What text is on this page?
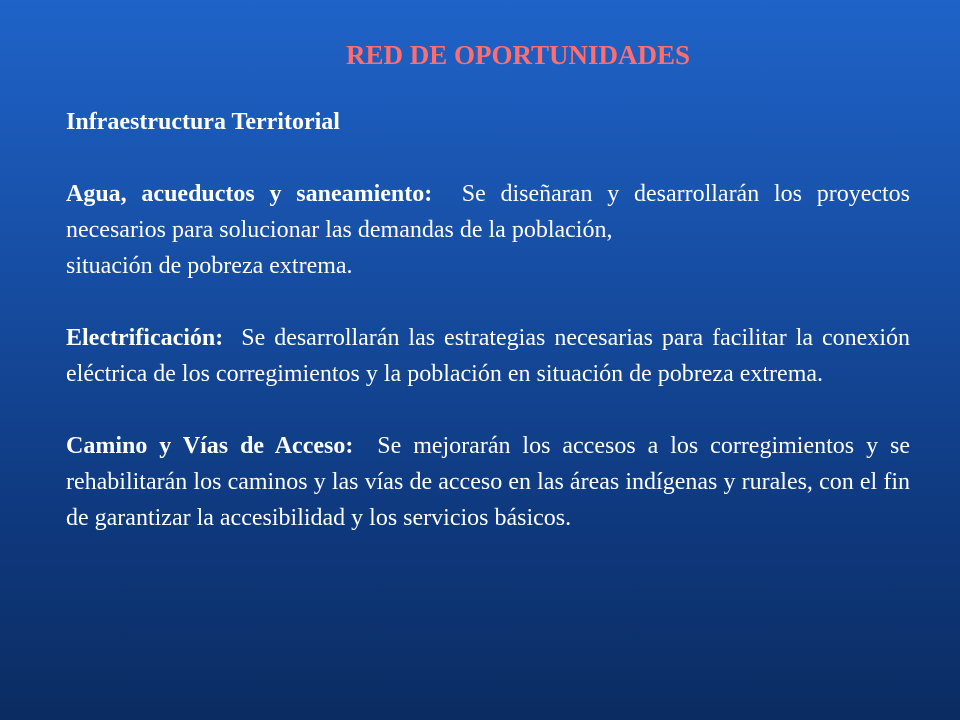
RED DE OPORTUNIDADES
Infraestructura Territorial
Agua, acueductos y saneamiento: Se diseñaran y desarrollarán los proyectos necesarios para solucionar las demandas de la población,
situación de pobreza extrema.
Electrificación: Se desarrollarán las estrategias necesarias para facilitar la conexión eléctrica de los corregimientos y la población en situación de pobreza extrema.
Camino y Vías de Acceso: Se mejorarán los accesos a los corregimientos y se rehabilitarán los caminos y las vías de acceso en las áreas indígenas y rurales, con el fin de garantizar la accesibilidad y los servicios básicos.
